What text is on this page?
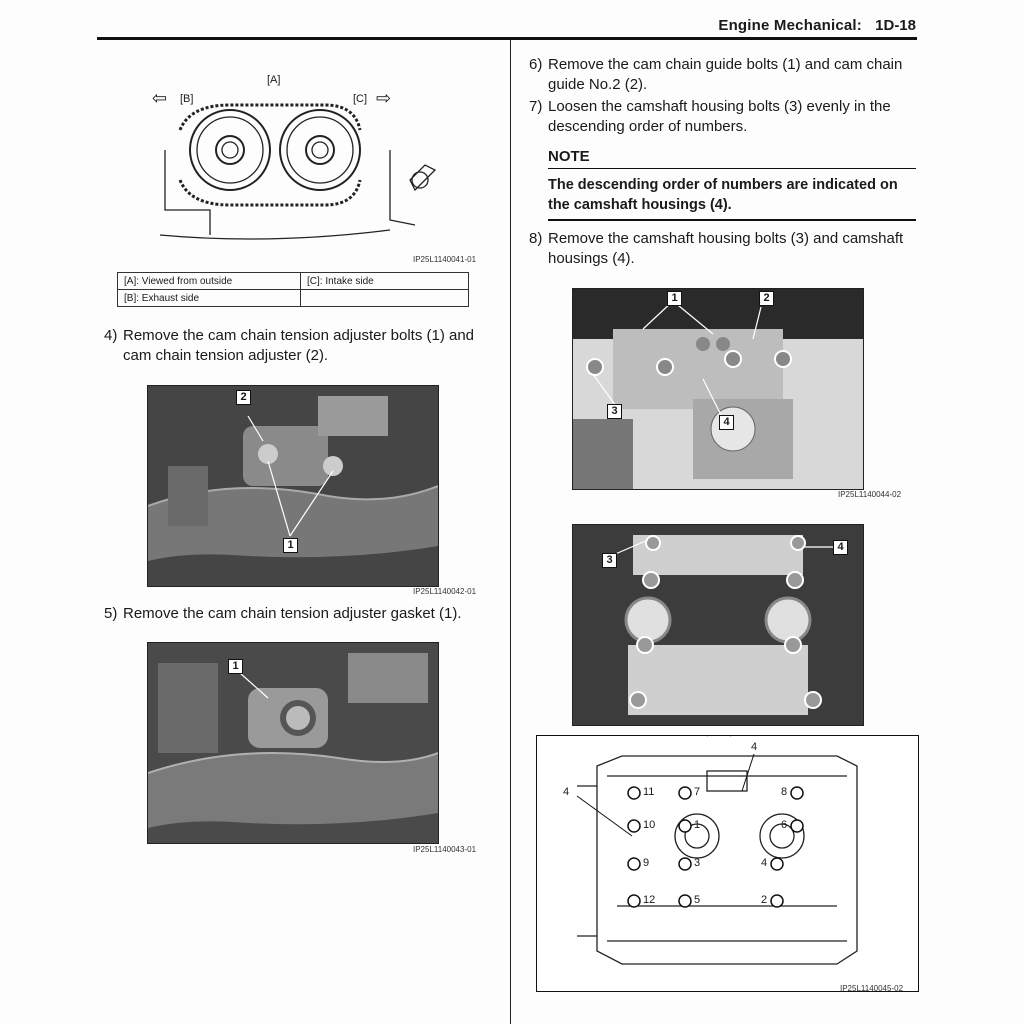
Engine Mechanical: 1D-18
[A]
⇦ [B]	[C] ⇨
IP25L1140041-01
[A]: Viewed from outside	[C]: Intake side
[B]: Exhaust side	
4) Remove the cam chain tension adjuster bolts (1) and cam chain tension adjuster (2).
2
1
IP25L1140042-01
5) Remove the cam chain tension adjuster gasket (1).
1
IP25L1140043-01
6) Remove the cam chain guide bolts (1) and cam chain guide No.2 (2).
7) Loosen the camshaft housing bolts (3) evenly in the descending order of numbers.
NOTE
The descending order of numbers are indicated on the camshaft housings (4).
8) Remove the camshaft housing bolts (3) and camshaft housings (4).
1	2
3
4
IP25L1140044-02
3
4
4
4	11	7	8
10	1	6
9	3	4
12	5	2
IP25L1140045-02
